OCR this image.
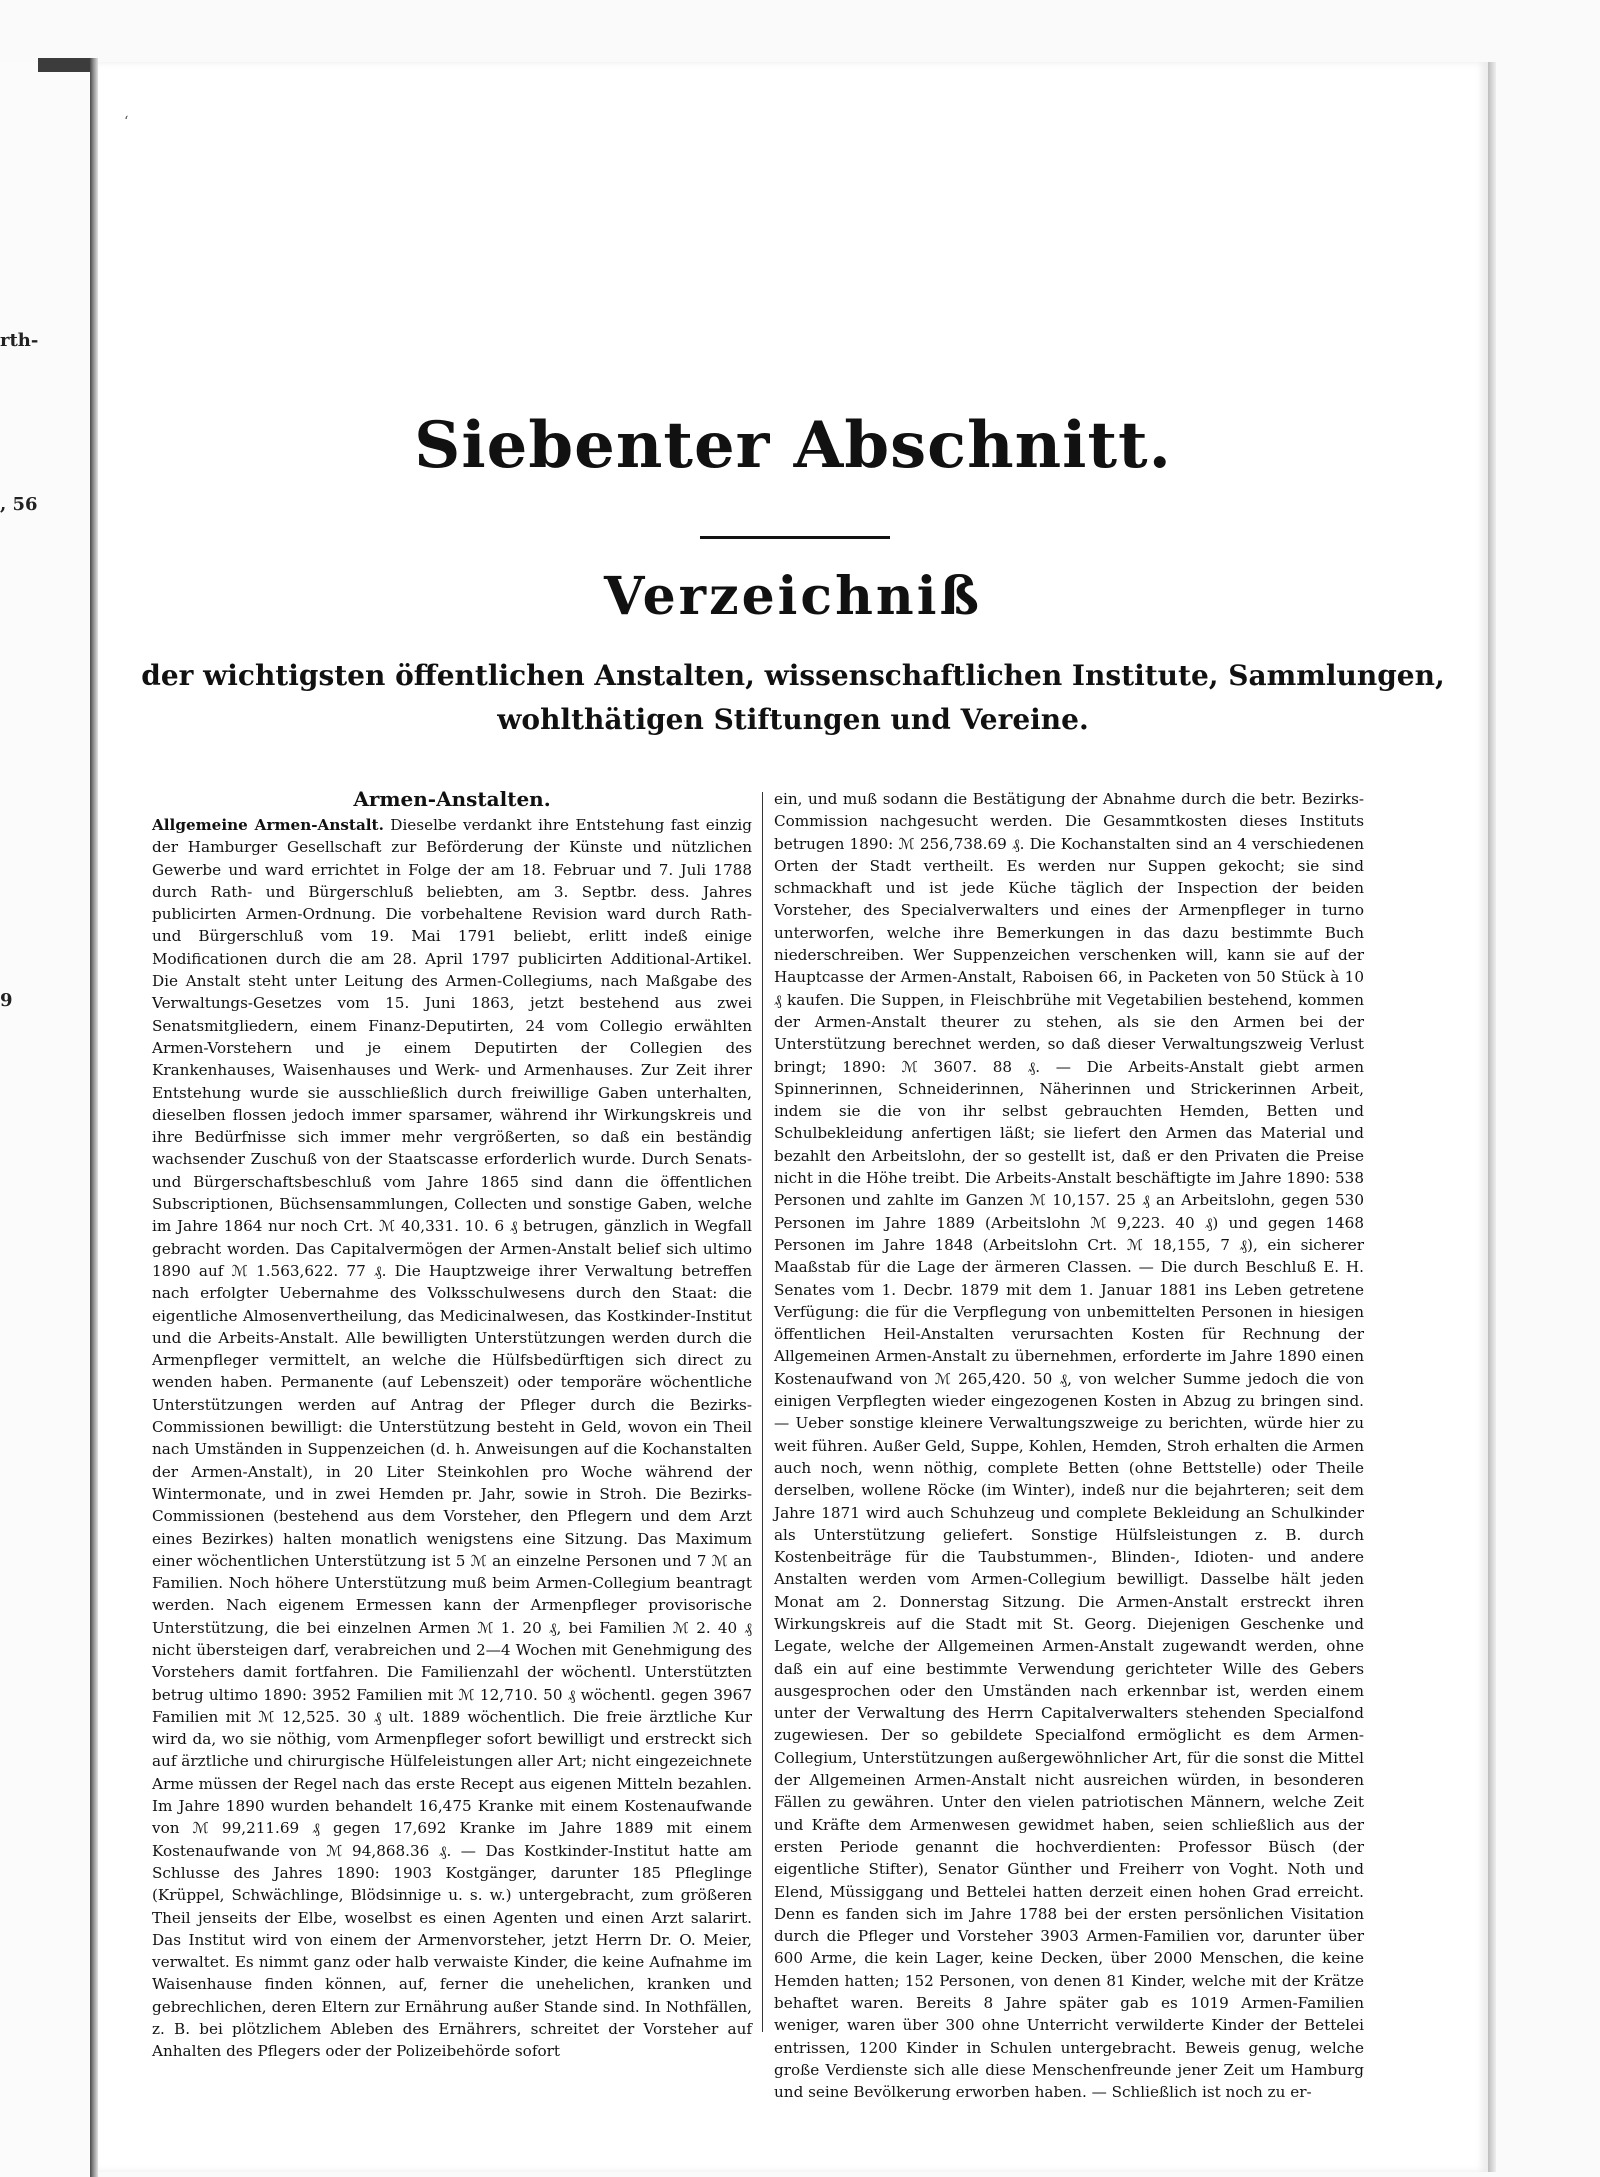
rth-
, 56
9
‘
Siebenter Abschnitt.
Verzeichniß
der wichtigsten öffentlichen Anstalten, wissenschaftlichen Institute, Sammlungen,
wohlthätigen Stiftungen und Vereine.
Armen-Anstalten.

Allgemeine Armen-Anstalt. Dieselbe verdankt ihre Entstehung fast einzig der Hamburger Gesellschaft zur Beförderung der Künste und nützlichen Gewerbe und ward errichtet in Folge der am 18. Februar und 7. Juli 1788 durch Rath- und Bürgerschluß beliebten, am 3. Septbr. dess. Jahres publicirten Armen-Ordnung. Die vorbehaltene Revision ward durch Rath- und Bürgerschluß vom 19. Mai 1791 beliebt, erlitt indeß einige Modificationen durch die am 28. April 1797 publicirten Additional-Artikel. Die Anstalt steht unter Leitung des Armen-Collegiums, nach Maßgabe des Verwaltungs-Gesetzes vom 15. Juni 1863, jetzt bestehend aus zwei Senatsmitgliedern, einem Finanz-Deputirten, 24 vom Collegio erwählten Armen-Vorstehern und je einem Deputirten der Collegien des Krankenhauses, Waisenhauses und Werk- und Armenhauses. Zur Zeit ihrer Entstehung wurde sie ausschließlich durch freiwillige Gaben unterhalten, dieselben flossen jedoch immer sparsamer, während ihr Wirkungskreis und ihre Bedürfnisse sich immer mehr vergrößerten, so daß ein beständig wachsender Zuschuß von der Staatscasse erforderlich wurde. Durch Senats- und Bürgerschaftsbeschluß vom Jahre 1865 sind dann die öffentlichen Subscriptionen, Büchsensammlungen, Collecten und sonstige Gaben, welche im Jahre 1864 nur noch Crt. ℳ 40,331. 10. 6 ₰ betrugen, gänzlich in Wegfall gebracht worden. Das Capitalvermögen der Armen-Anstalt belief sich ultimo 1890 auf ℳ 1.563,622. 77 ₰. Die Hauptzweige ihrer Verwaltung betreffen nach erfolgter Uebernahme des Volksschulwesens durch den Staat: die eigentliche Almosenvertheilung, das Medicinalwesen, das Kostkinder-Institut und die Arbeits-Anstalt. Alle bewilligten Unterstützungen werden durch die Armenpfleger vermittelt, an welche die Hülfsbedürftigen sich direct zu wenden haben. Permanente (auf Lebenszeit) oder temporäre wöchentliche Unterstützungen werden auf Antrag der Pfleger durch die Bezirks-Commissionen bewilligt: die Unterstützung besteht in Geld, wovon ein Theil nach Umständen in Suppenzeichen (d. h. Anweisungen auf die Kochanstalten der Armen-Anstalt), in 20 Liter Steinkohlen pro Woche während der Wintermonate, und in zwei Hemden pr. Jahr, sowie in Stroh. Die Bezirks-Commissionen (bestehend aus dem Vorsteher, den Pflegern und dem Arzt eines Bezirkes) halten monatlich wenigstens eine Sitzung. Das Maximum einer wöchentlichen Unterstützung ist 5 ℳ an einzelne Personen und 7 ℳ an Familien. Noch höhere Unterstützung muß beim Armen-Collegium beantragt werden. Nach eigenem Ermessen kann der Armenpfleger provisorische Unterstützung, die bei einzelnen Armen ℳ 1. 20 ₰, bei Familien ℳ 2. 40 ₰ nicht übersteigen darf, verabreichen und 2—4 Wochen mit Genehmigung des Vorstehers damit fortfahren. Die Familienzahl der wöchentl. Unterstützten betrug ultimo 1890: 3952 Familien mit ℳ 12,710. 50 ₰ wöchentl. gegen 3967 Familien mit ℳ 12,525. 30 ₰ ult. 1889 wöchentlich. Die freie ärztliche Kur wird da, wo sie nöthig, vom Armenpfleger sofort bewilligt und erstreckt sich auf ärztliche und chirurgische Hülfeleistungen aller Art; nicht eingezeichnete Arme müssen der Regel nach das erste Recept aus eigenen Mitteln bezahlen. Im Jahre 1890 wurden behandelt 16,475 Kranke mit einem Kostenaufwande von ℳ 99,211.69 ₰ gegen 17,692 Kranke im Jahre 1889 mit einem Kostenaufwande von ℳ 94,868.36 ₰. — Das Kostkinder-Institut hatte am Schlusse des Jahres 1890: 1903 Kostgänger, darunter 185 Pfleglinge (Krüppel, Schwächlinge, Blödsinnige u. s. w.) untergebracht, zum größeren Theil jenseits der Elbe, woselbst es einen Agenten und einen Arzt salarirt. Das Institut wird von einem der Armenvorsteher, jetzt Herrn Dr. O. Meier, verwaltet. Es nimmt ganz oder halb verwaiste Kinder, die keine Aufnahme im Waisenhause finden können, auf, ferner die unehelichen, kranken und gebrechlichen, deren Eltern zur Ernährung außer Stande sind. In Nothfällen, z. B. bei plötzlichem Ableben des Ernährers, schreitet der Vorsteher auf Anhalten des Pflegers oder der Polizeibehörde sofort

ein, und muß sodann die Bestätigung der Abnahme durch die betr. Bezirks-Commission nachgesucht werden. Die Gesammtkosten dieses Instituts betrugen 1890: ℳ 256,738.69 ₰. Die Kochanstalten sind an 4 verschiedenen Orten der Stadt vertheilt. Es werden nur Suppen gekocht; sie sind schmackhaft und ist jede Küche täglich der Inspection der beiden Vorsteher, des Specialverwalters und eines der Armenpfleger in turno unterworfen, welche ihre Bemerkungen in das dazu bestimmte Buch niederschreiben. Wer Suppenzeichen verschenken will, kann sie auf der Hauptcasse der Armen-Anstalt, Raboisen 66, in Packeten von 50 Stück à 10 ₰ kaufen. Die Suppen, in Fleischbrühe mit Vegetabilien bestehend, kommen der Armen-Anstalt theurer zu stehen, als sie den Armen bei der Unterstützung berechnet werden, so daß dieser Verwaltungszweig Verlust bringt; 1890: ℳ 3607. 88 ₰. — Die Arbeits-Anstalt giebt armen Spinnerinnen, Schneiderinnen, Näherinnen und Strickerinnen Arbeit, indem sie die von ihr selbst gebrauchten Hemden, Betten und Schulbekleidung anfertigen läßt; sie liefert den Armen das Material und bezahlt den Arbeitslohn, der so gestellt ist, daß er den Privaten die Preise nicht in die Höhe treibt. Die Arbeits-Anstalt beschäftigte im Jahre 1890: 538 Personen und zahlte im Ganzen ℳ 10,157. 25 ₰ an Arbeitslohn, gegen 530 Personen im Jahre 1889 (Arbeitslohn ℳ 9,223. 40 ₰) und gegen 1468 Personen im Jahre 1848 (Arbeitslohn Crt. ℳ 18,155, 7 ₰), ein sicherer Maaßstab für die Lage der ärmeren Classen. — Die durch Beschluß E. H. Senates vom 1. Decbr. 1879 mit dem 1. Januar 1881 ins Leben getretene Verfügung: die für die Verpflegung von unbemittelten Personen in hiesigen öffentlichen Heil-Anstalten verursachten Kosten für Rechnung der Allgemeinen Armen-Anstalt zu übernehmen, erforderte im Jahre 1890 einen Kostenaufwand von ℳ 265,420. 50 ₰, von welcher Summe jedoch die von einigen Verpflegten wieder eingezogenen Kosten in Abzug zu bringen sind. — Ueber sonstige kleinere Verwaltungszweige zu berichten, würde hier zu weit führen. Außer Geld, Suppe, Kohlen, Hemden, Stroh erhalten die Armen auch noch, wenn nöthig, complete Betten (ohne Bettstelle) oder Theile derselben, wollene Röcke (im Winter), indeß nur die bejahrteren; seit dem Jahre 1871 wird auch Schuhzeug und complete Bekleidung an Schulkinder als Unterstützung geliefert. Sonstige Hülfsleistungen z. B. durch Kostenbeiträge für die Taubstummen-, Blinden-, Idioten- und andere Anstalten werden vom Armen-Collegium bewilligt. Dasselbe hält jeden Monat am 2. Donnerstag Sitzung. Die Armen-Anstalt erstreckt ihren Wirkungskreis auf die Stadt mit St. Georg. Diejenigen Geschenke und Legate, welche der Allgemeinen Armen-Anstalt zugewandt werden, ohne daß ein auf eine bestimmte Verwendung gerichteter Wille des Gebers ausgesprochen oder den Umständen nach erkennbar ist, werden einem unter der Verwaltung des Herrn Capitalverwalters stehenden Specialfond zugewiesen. Der so gebildete Specialfond ermöglicht es dem Armen-Collegium, Unterstützungen außergewöhnlicher Art, für die sonst die Mittel der Allgemeinen Armen-Anstalt nicht ausreichen würden, in besonderen Fällen zu gewähren. Unter den vielen patriotischen Männern, welche Zeit und Kräfte dem Armenwesen gewidmet haben, seien schließlich aus der ersten Periode genannt die hochverdienten: Professor Büsch (der eigentliche Stifter), Senator Günther und Freiherr von Voght. Noth und Elend, Müssiggang und Bettelei hatten derzeit einen hohen Grad erreicht. Denn es fanden sich im Jahre 1788 bei der ersten persönlichen Visitation durch die Pfleger und Vorsteher 3903 Armen-Familien vor, darunter über 600 Arme, die kein Lager, keine Decken, über 2000 Menschen, die keine Hemden hatten; 152 Personen, von denen 81 Kinder, welche mit der Krätze behaftet waren. Bereits 8 Jahre später gab es 1019 Armen-Familien weniger, waren über 300 ohne Unterricht verwilderte Kinder der Bettelei entrissen, 1200 Kinder in Schulen untergebracht. Beweis genug, welche große Verdienste sich alle diese Menschenfreunde jener Zeit um Hamburg und seine Bevölkerung erworben haben. — Schließlich ist noch zu er-
